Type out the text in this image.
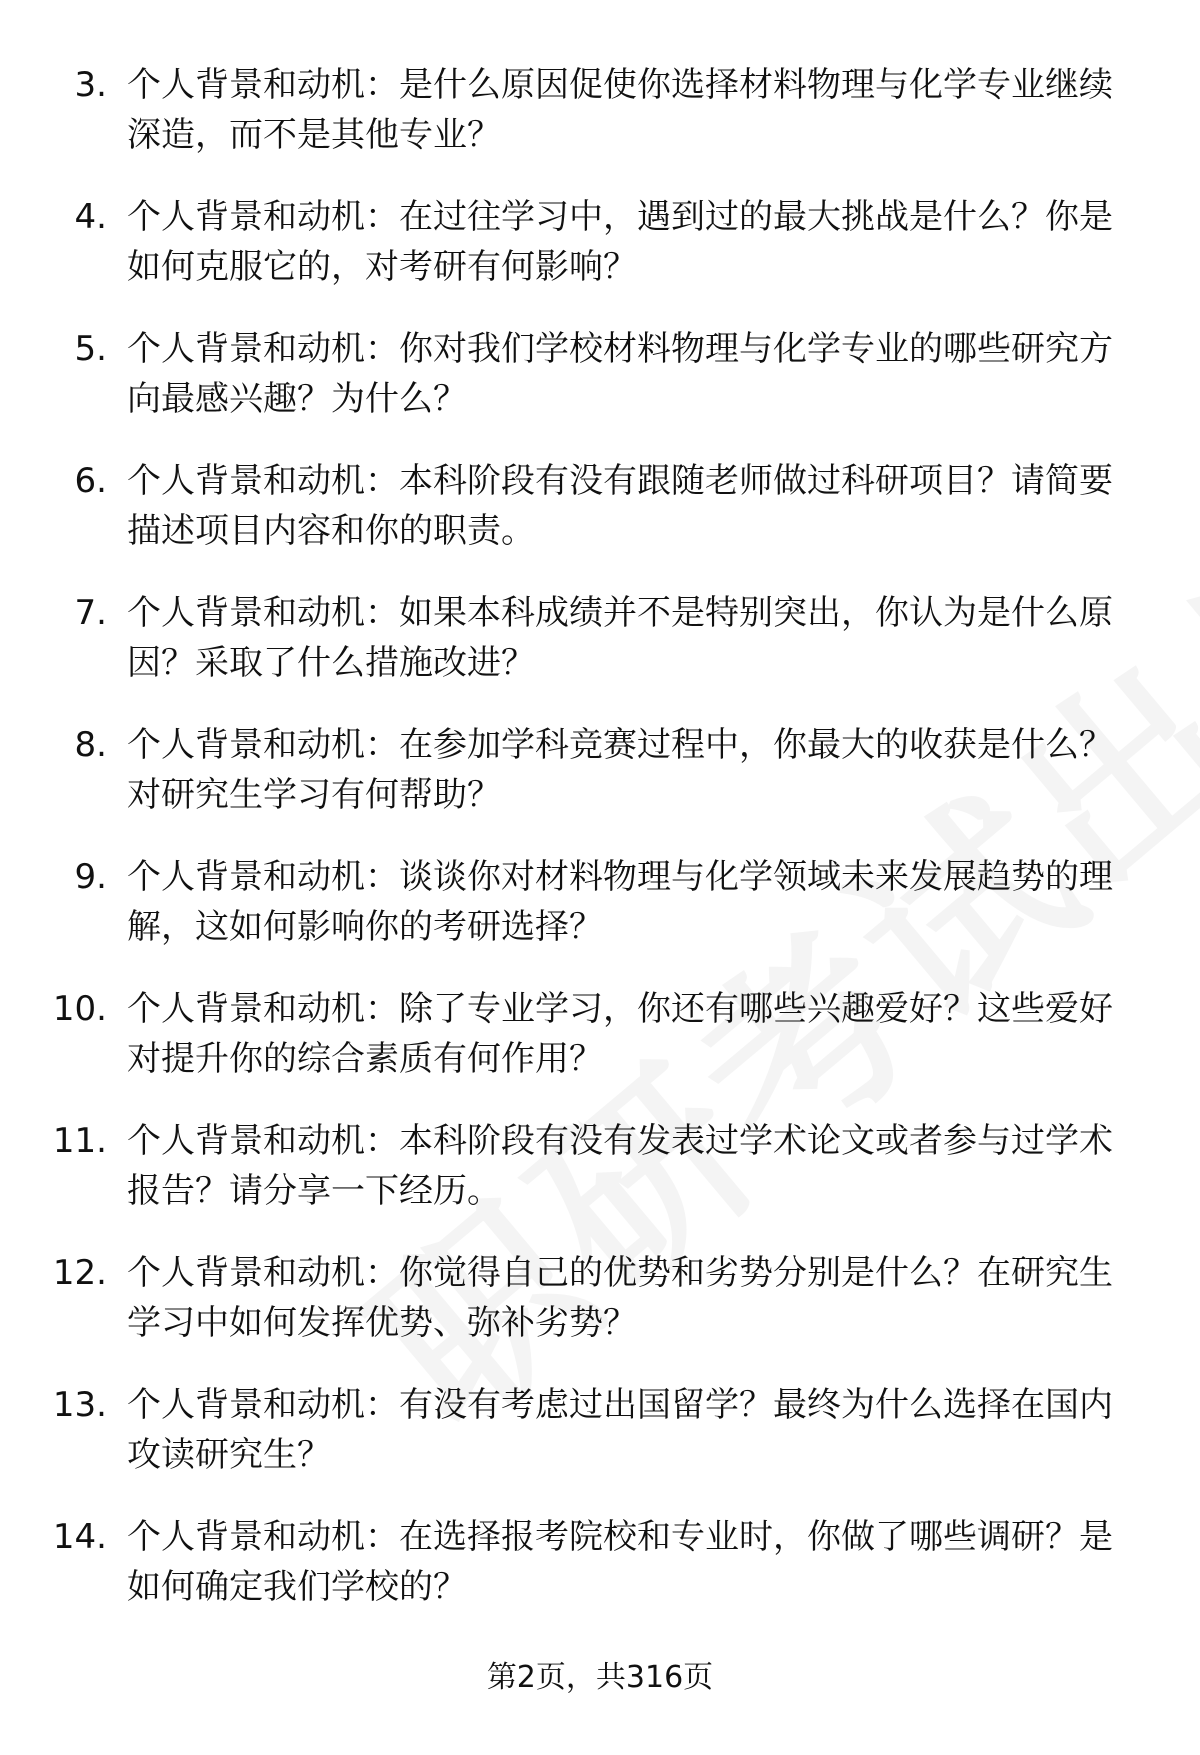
3. 个人背景和动机：是什么原因促使你选择材料物理与化学专业继续深造，而不是其他专业？
4. 个人背景和动机：在过往学习中，遇到过的最大挑战是什么？你是如何克服它的，对考研有何影响？
5. 个人背景和动机：你对我们学校材料物理与化学专业的哪些研究方向最感兴趣？为什么？
6. 个人背景和动机：本科阶段有没有跟随老师做过科研项目？请简要描述项目内容和你的职责。
7. 个人背景和动机：如果本科成绩并不是特别突出，你认为是什么原因？采取了什么措施改进？
8. 个人背景和动机：在参加学科竞赛过程中，你最大的收获是什么？对研究生学习有何帮助？
9. 个人背景和动机：谈谈你对材料物理与化学领域未来发展趋势的理解，这如何影响你的考研选择？
10. 个人背景和动机：除了专业学习，你还有哪些兴趣爱好？这些爱好对提升你的综合素质有何作用？
11. 个人背景和动机：本科阶段有没有发表过学术论文或者参与过学术报告？请分享一下经历。
12. 个人背景和动机：你觉得自己的优势和劣势分别是什么？在研究生学习中如何发挥优势、弥补劣势？
13. 个人背景和动机：有没有考虑过出国留学？最终为什么选择在国内攻读研究生？
14. 个人背景和动机：在选择报考院校和专业时，你做了哪些调研？是如何确定我们学校的？
第2页，共316页
